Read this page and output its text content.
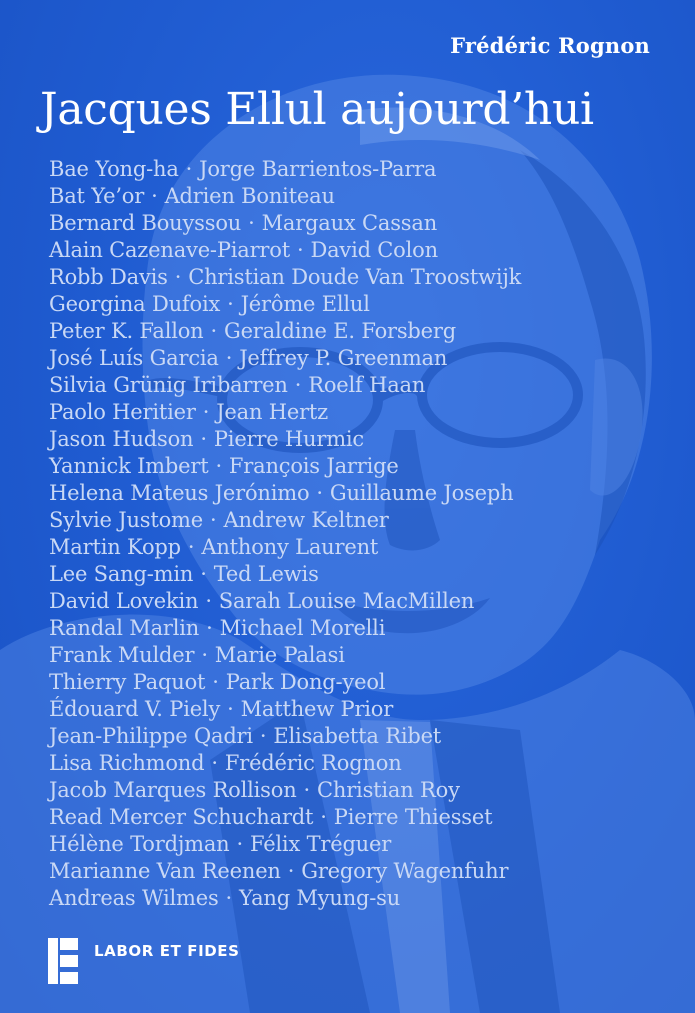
Frédéric Rognon
Jacques Ellul aujourd’hui
Bae Yong-ha · Jorge Barrientos-Parra
Bat Ye’or · Adrien Boniteau
Bernard Bouyssou · Margaux Cassan
Alain Cazenave-Piarrot · David Colon
Robb Davis · Christian Doude Van Troostwijk
Georgina Dufoix · Jérôme Ellul
Peter K. Fallon · Geraldine E. Forsberg
José Luís Garcia · Jeffrey P. Greenman
Silvia Grünig Iribarren · Roelf Haan
Paolo Heritier · Jean Hertz
Jason Hudson · Pierre Hurmic
Yannick Imbert · François Jarrige
Helena Mateus Jerónimo · Guillaume Joseph
Sylvie Justome · Andrew Keltner
Martin Kopp · Anthony Laurent
Lee Sang-min · Ted Lewis
David Lovekin · Sarah Louise MacMillen
Randal Marlin · Michael Morelli
Frank Mulder · Marie Palasi
Thierry Paquot · Park Dong-yeol
Édouard V. Piely · Matthew Prior
Jean-Philippe Qadri · Elisabetta Ribet
Lisa Richmond · Frédéric Rognon
Jacob Marques Rollison · Christian Roy
Read Mercer Schuchardt · Pierre Thiesset
Hélène Tordjman · Félix Tréguer
Marianne Van Reenen · Gregory Wagenfuhr
Andreas Wilmes · Yang Myung-su
LABOR ET FIDES
